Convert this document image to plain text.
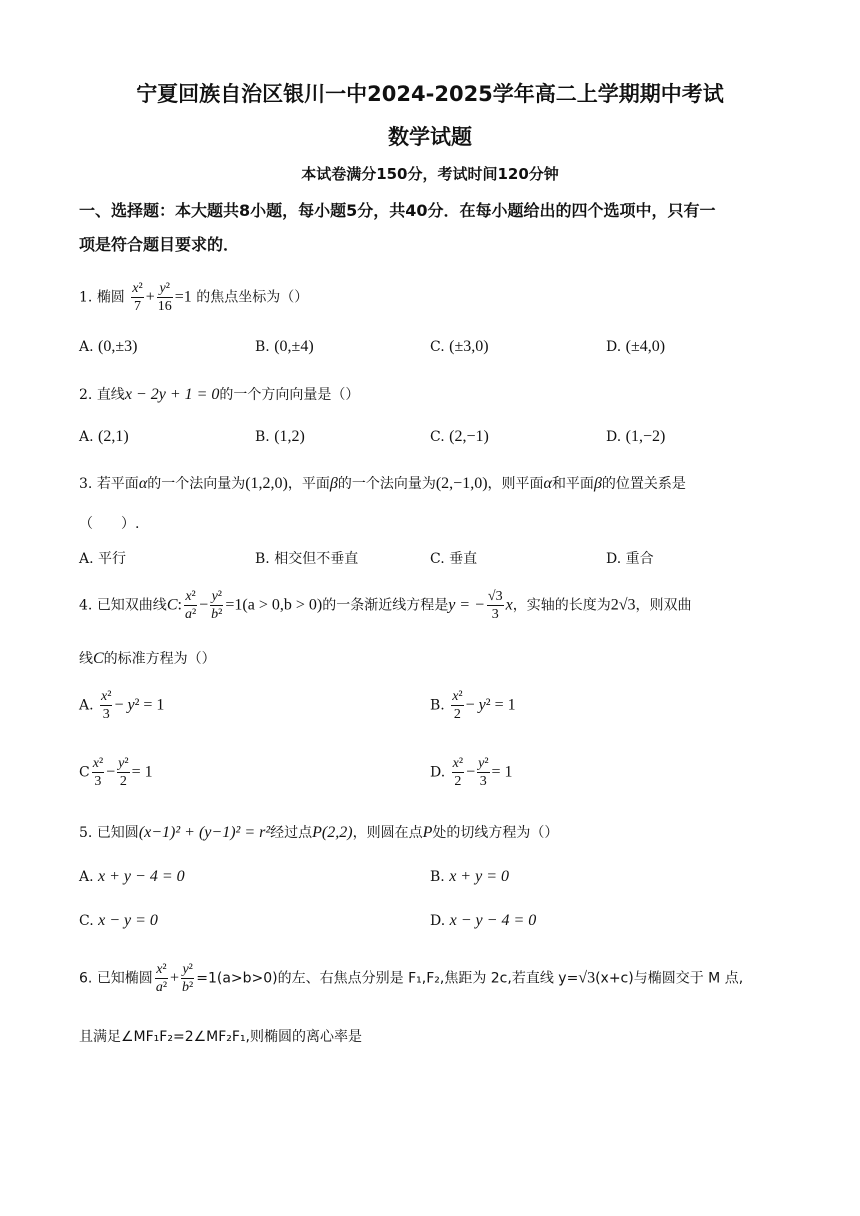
宁夏回族自治区银川一中2024-2025学年高二上学期期中考试
数学试题
本试卷满分150分，考试时间120分钟
一、选择题：本大题共8小题，每小题5分，共40分．在每小题给出的四个选项中，只有一
项是符合题目要求的．
1. 椭圆 $\frac{\text{x²}}{7} + \frac{\text{y²}}{16} =1$ 的焦点坐标为（）
A. (0,±3)	B. (0,±4)	C. (±3,0)	D. (±4,0)
2. 直线x − 2y + 1 = 0的一个方向向量是（）
A. (2,1)	B. (1,2)	C. (2,−1)	D. (1,−2)
3. 若平面α的一个法向量为(1,2,0)，平面β的一个法向量为(2,−1,0)，则平面α和平面β的位置关系是
（　　）.
A. 平行	B. 相交但不垂直	C. 垂直	D. 重合
4. 已知双曲线C: $\frac{\text{x²}}{\text{a²}} - \frac{\text{y²}}{\text{b²}} =1(a > 0,b > 0)$的一条渐近线方程是y = − $\frac{√3}{3}$ x，实轴的长度为2√3，则双曲
线C的标准方程为（）
A. $\frac{\text{x²}}{3} - y^2 = 1$	B. $\frac{\text{x²}}{2} - y^2 = 1$
C $\frac{\text{x²}}{3} - \frac{\text{y²}}{2} = 1$	D. $\frac{\text{x²}}{2} - \frac{\text{y²}}{3} = 1$
5. 已知圆(x−1)² + (y−1)² = r²经过点P(2,2)，则圆在点P处的切线方程为（）
A. x + y − 4 = 0	B. x + y = 0
C. x − y = 0	D. x − y − 4 = 0
6. 已知椭圆 $\frac{\text{x²}}{\text{a²}} + \frac{\text{y²}}{\text{b²}} =1(a>b>0)$的左、右焦点分别是 F₁,F₂,焦距为 2c,若直线 y=√3(x+c)与椭圆交于 M 点,
且满足∠MF₁F₂=2∠MF₂F₁,则椭圆的离心率是
